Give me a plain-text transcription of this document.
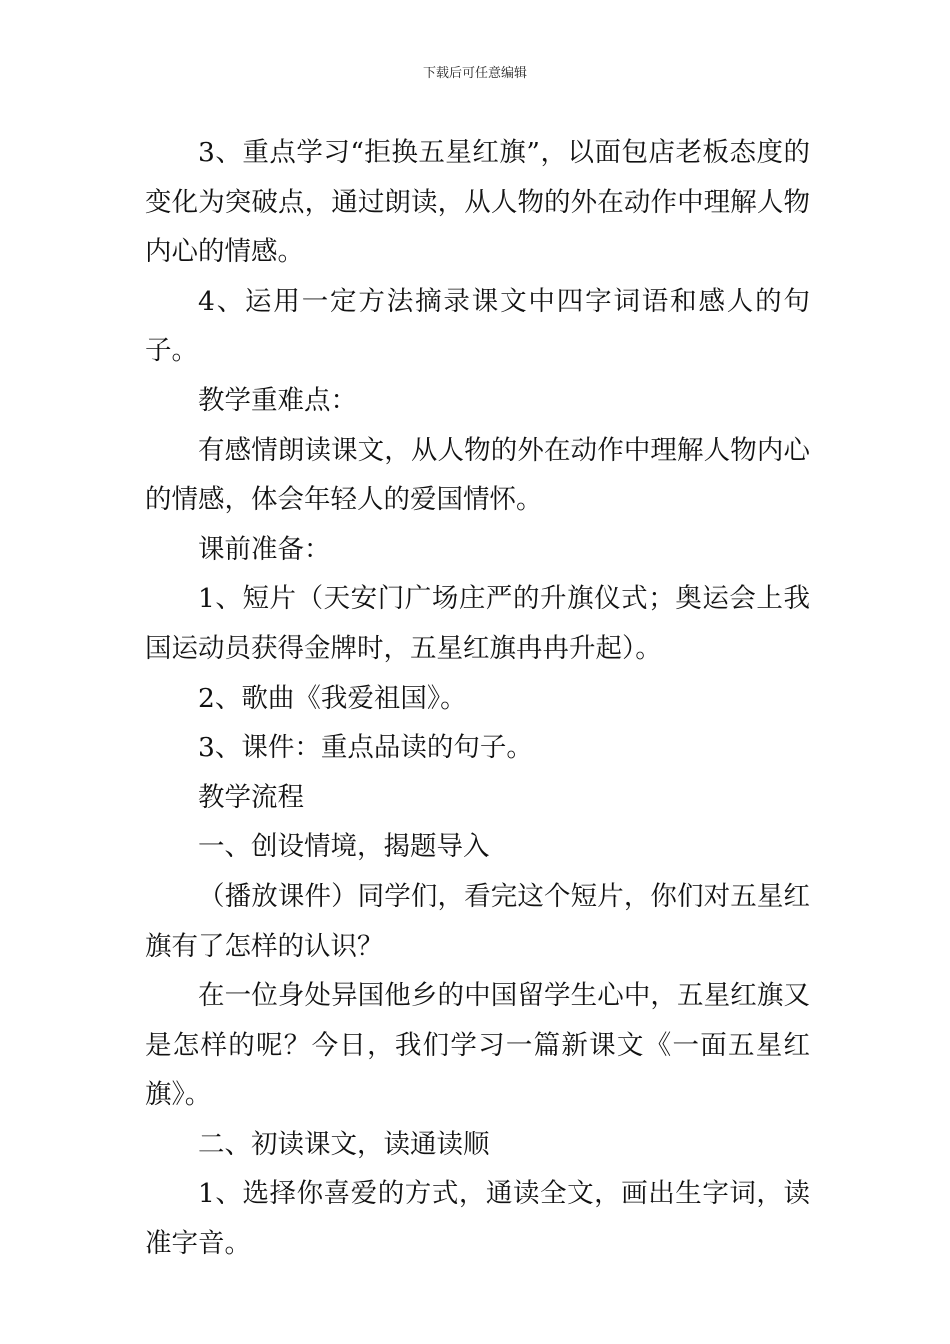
下载后可任意编辑

3、重点学习“拒换五星红旗”，以面包店老板态度的变化为突破点，通过朗读，从人物的外在动作中理解人物内心的情感。

4、运用一定方法摘录课文中四字词语和感人的句子。

教学重难点：

有感情朗读课文，从人物的外在动作中理解人物内心的情感，体会年轻人的爱国情怀。

课前准备：

1、短片（天安门广场庄严的升旗仪式；奥运会上我国运动员获得金牌时，五星红旗冉冉升起）。

2、歌曲《我爱祖国》。

3、课件：重点品读的句子。

教学流程

一、创设情境，揭题导入

（播放课件）同学们，看完这个短片，你们对五星红旗有了怎样的认识？

在一位身处异国他乡的中国留学生心中，五星红旗又是怎样的呢？今日，我们学习一篇新课文《一面五星红旗》。

二、初读课文，读通读顺

1、选择你喜爱的方式，通读全文，画出生字词，读准字音。
